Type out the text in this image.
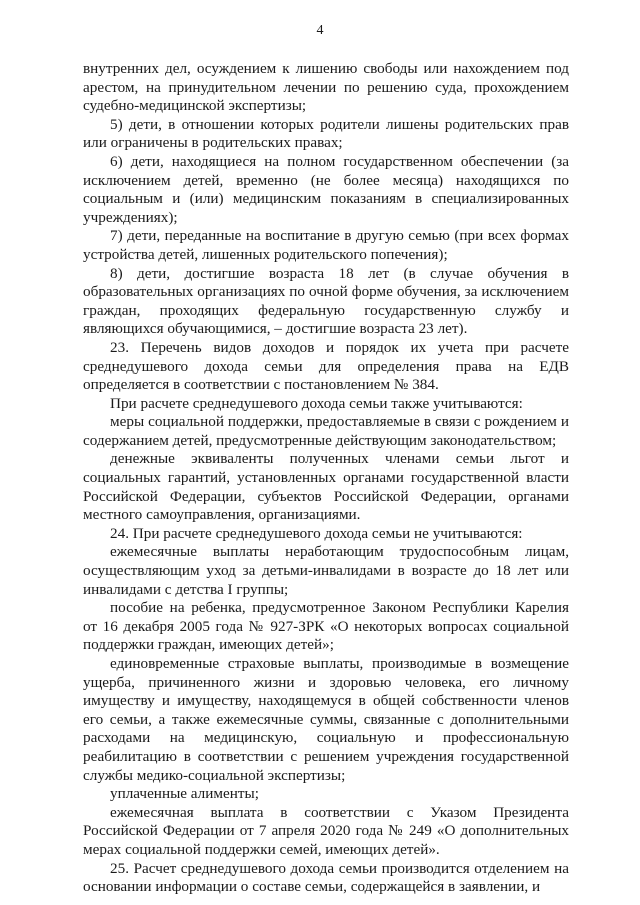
4

внутренних дел, осуждением к лишению свободы или нахождением под арестом, на принудительном лечении по решению суда, прохождением судебно-медицинской экспертизы;

5) дети, в отношении которых родители лишены родительских прав или ограничены в родительских правах;

6) дети, находящиеся на полном государственном обеспечении (за исключением детей, временно (не более месяца) находящихся по социальным и (или) медицинским показаниям в специализированных учреждениях);

7) дети, переданные на воспитание в другую семью (при всех формах устройства детей, лишенных родительского попечения);

8) дети, достигшие возраста 18 лет (в случае обучения в образовательных организациях по очной форме обучения, за исключением граждан, проходящих федеральную государственную службу и являющихся обучающимися, – достигшие возраста 23 лет).

23. Перечень видов доходов и порядок их учета при расчете среднедушевого дохода семьи для определения права на ЕДВ определяется в соответствии с постановлением № 384.

При расчете среднедушевого дохода семьи также учитываются:

меры социальной поддержки, предоставляемые в связи с рождением и содержанием детей, предусмотренные действующим законодательством;

денежные эквиваленты полученных членами семьи льгот и социальных гарантий, установленных органами государственной власти Российской Федерации, субъектов Российской Федерации, органами местного самоуправления, организациями.

24. При расчете среднедушевого дохода семьи не учитываются:

ежемесячные выплаты неработающим трудоспособным лицам, осуществляющим уход за детьми-инвалидами в возрасте до 18 лет или инвалидами с детства I группы;

пособие на ребенка, предусмотренное Законом Республики Карелия от 16 декабря 2005 года № 927-ЗРК «О некоторых вопросах социальной поддержки граждан, имеющих детей»;

единовременные страховые выплаты, производимые в возмещение ущерба, причиненного жизни и здоровью человека, его личному имуществу и имуществу, находящемуся в общей собственности членов его семьи, а также ежемесячные суммы, связанные с дополнительными расходами на медицинскую, социальную и профессиональную реабилитацию в соответствии с решением учреждения государственной службы медико-социальной экспертизы;

уплаченные алименты;

ежемесячная выплата в соответствии с Указом Президента Российской Федерации от 7 апреля 2020 года № 249 «О дополнительных мерах социальной поддержки семей, имеющих детей».

25. Расчет среднедушевого дохода семьи производится отделением на основании информации о составе семьи, содержащейся в заявлении, и
